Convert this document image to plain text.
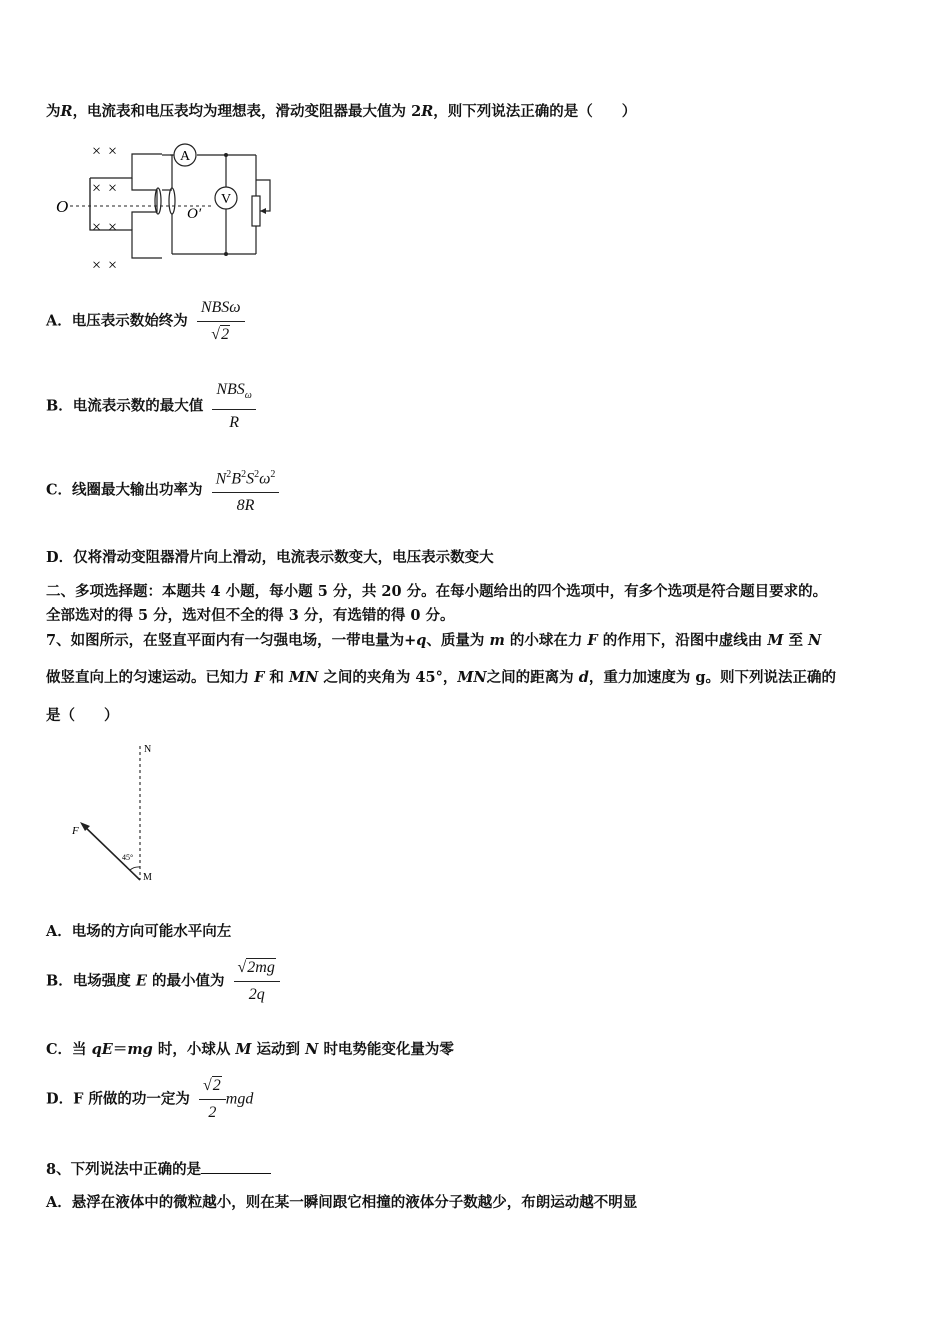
为R，电流表和电压表均为理想表，滑动变阻器最大值为 2R，则下列说法正确的是（　　）
A
V
O	O′
× ×
× ×
× ×
× ×
A．电压表示数始终为 $\frac{\text{NBSω}}{√2}$
B．电流表示数的最大值 $\frac{NBS_\omega}{R}$
C．线圈最大输出功率为 $\frac{N^2B^2S^2\omega^2}{8R}$
D．仅将滑动变阻器滑片向上滑动，电流表示数变大，电压表示数变大
二、多项选择题：本题共 4 小题，每小题 5 分，共 20 分。在每小题给出的四个选项中，有多个选项是符合题目要求的。
全部选对的得 5 分，选对但不全的得 3 分，有选错的得 0 分。
7、如图所示，在竖直平面内有一匀强电场，一带电量为+q、质量为 m 的小球在力 F 的作用下，沿图中虚线由 M 至 N
做竖直向上的匀速运动。已知力 F 和 MN 之间的夹角为 45°，MN之间的距离为 d，重力加速度为 g。则下列说法正确的
是（　　）
N
F
M
45°
A．电场的方向可能水平向左
B．电场强度 E 的最小值为 $\frac{√2mg}{2q}$
C．当 qE＝mg 时，小球从 M 运动到 N 时电势能变化量为零
D．F 所做的功一定为 $\frac{√2}{2}$ mgd
8、下列说法中正确的是
A．悬浮在液体中的微粒越小，则在某一瞬间跟它相撞的液体分子数越少，布朗运动越不明显
